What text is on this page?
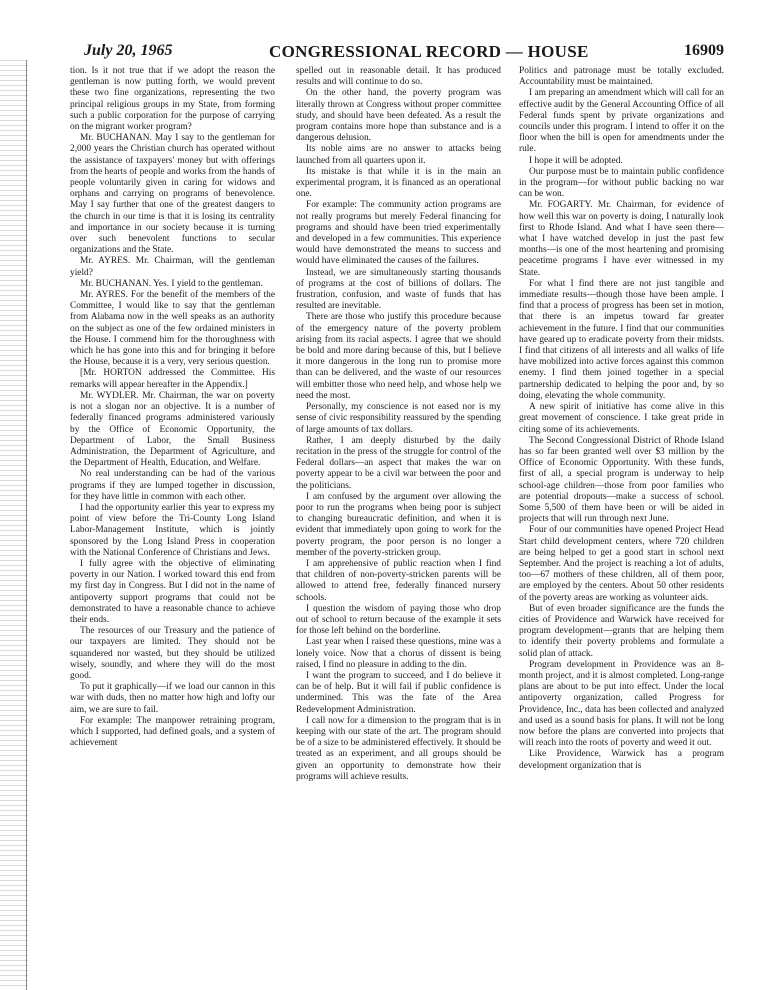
July 20, 1965	CONGRESSIONAL RECORD — HOUSE	16909

tion. Is it not true that if we adopt the reason the gentleman is now putting forth, we would prevent these two fine organizations, representing the two principal religious groups in my State, from forming such a public corporation for the purpose of carrying on the migrant worker program?

Mr. BUCHANAN. May I say to the gentleman for 2,000 years the Christian church has operated without the assistance of taxpayers' money but with offerings from the hearts of people and works from the hands of people voluntarily given in caring for widows and orphans and carrying on programs of benevolence. May I say further that one of the greatest dangers to the church in our time is that it is losing its centrality and importance in our society because it is turning over such benevolent functions to secular organizations and the State.

Mr. AYRES. Mr. Chairman, will the gentleman yield?

Mr. BUCHANAN. Yes. I yield to the gentleman.

Mr. AYRES. For the benefit of the members of the Committee, I would like to say that the gentleman from Alabama now in the well speaks as an authority on the subject as one of the few ordained ministers in the House. I commend him for the thoroughness with which he has gone into this and for bringing it before the House, because it is a very, very serious question.

[Mr. HORTON addressed the Committee. His remarks will appear hereafter in the Appendix.]

Mr. WYDLER. Mr. Chairman, the war on poverty is not a slogan nor an objective. It is a number of federally financed programs administered variously by the Office of Economic Opportunity, the Department of Labor, the Small Business Administration, the Department of Agriculture, and the Department of Health, Education, and Welfare.

No real understanding can be had of the various programs if they are lumped together in discussion, for they have little in common with each other.

I had the opportunity earlier this year to express my point of view before the Tri-County Long Island Labor-Management Institute, which is jointly sponsored by the Long Island Press in cooperation with the National Conference of Christians and Jews.

I fully agree with the objective of eliminating poverty in our Nation. I worked toward this end from my first day in Congress. But I did not in the name of antipoverty support programs that could not be demonstrated to have a reasonable chance to achieve their ends.

The resources of our Treasury and the patience of our taxpayers are limited. They should not be squandered nor wasted, but they should be utilized wisely, soundly, and where they will do the most good.

To put it graphically—if we load our cannon in this war with duds, then no matter how high and lofty our aim, we are sure to fail.

For example: The manpower retraining program, which I supported, had defined goals, and a system of achievement

spelled out in reasonable detail. It has produced results and will continue to do so.

On the other hand, the poverty program was literally thrown at Congress without proper committee study, and should have been defeated. As a result the program contains more hope than substance and is a dangerous delusion.

Its noble aims are no answer to attacks being launched from all quarters upon it.

Its mistake is that while it is in the main an experimental program, it is financed as an operational one.

For example: The community action programs are not really programs but merely Federal financing for programs and should have been tried experimentally and developed in a few communities. This experience would have demonstrated the means to success and would have eliminated the causes of the failures.

Instead, we are simultaneously starting thousands of programs at the cost of billions of dollars. The frustration, confusion, and waste of funds that has resulted are inevitable.

There are those who justify this procedure because of the emergency nature of the poverty problem arising from its racial aspects. I agree that we should be bold and more daring because of this, but I believe it more dangerous in the long run to promise more than can be delivered, and the waste of our resources will embitter those who need help, and whose help we need the most.

Personally, my conscience is not eased nor is my sense of civic responsibility reassured by the spending of large amounts of tax dollars.

Rather, I am deeply disturbed by the daily recitation in the press of the struggle for control of the Federal dollars—an aspect that makes the war on poverty appear to be a civil war between the poor and the politicians.

I am confused by the argument over allowing the poor to run the programs when being poor is subject to changing bureaucratic definition, and when it is evident that immediately upon going to work for the poverty program, the poor person is no longer a member of the poverty-stricken group.

I am apprehensive of public reaction when I find that children of non-poverty-stricken parents will be allowed to attend free, federally financed nursery schools.

I question the wisdom of paying those who drop out of school to return because of the example it sets for those left behind on the borderline.

Last year when I raised these questions, mine was a lonely voice. Now that a chorus of dissent is being raised, I find no pleasure in adding to the din.

I want the program to succeed, and I do believe it can be of help. But it will fail if public confidence is undermined. This was the fate of the Area Redevelopment Administration.

I call now for a dimension to the program that is in keeping with our state of the art. The program should be of a size to be administered effectively. It should be treated as an experiment, and all groups should be given an opportunity to demonstrate how their programs will achieve results.

Politics and patronage must be totally excluded. Accountability must be maintained.

I am preparing an amendment which will call for an effective audit by the General Accounting Office of all Federal funds spent by private organizations and councils under this program. I intend to offer it on the floor when the bill is open for amendments under the rule.

I hope it will be adopted.

Our purpose must be to maintain public confidence in the program—for without public backing no war can be won.

Mr. FOGARTY. Mr. Chairman, for evidence of how well this war on poverty is doing, I naturally look first to Rhode Island. And what I have seen there—what I have watched develop in just the past few months—is one of the most heartening and promising peacetime programs I have ever witnessed in my State.

For what I find there are not just tangible and immediate results—though those have been ample. I find that a process of progress has been set in motion, that there is an impetus toward far greater achievement in the future. I find that our communities have geared up to eradicate poverty from their midsts. I find that citizens of all interests and all walks of life have mobilized into active forces against this common enemy. I find them joined together in a special partnership dedicated to helping the poor and, by so doing, elevating the whole community.

A new spirit of initiative has come alive in this great movement of conscience. I take great pride in citing some of its achievements.

The Second Congressional District of Rhode Island has so far been granted well over $3 million by the Office of Economic Opportunity. With these funds, first of all, a special program is underway to help school-age children—those from poor families who are potential dropouts—make a success of school. Some 5,500 of them have been or will be aided in projects that will run through next June.

Four of our communities have opened Project Head Start child development centers, where 720 children are being helped to get a good start in school next September. And the project is reaching a lot of adults, too—67 mothers of these children, all of them poor, are employed by the centers. About 50 other residents of the poverty areas are working as volunteer aids.

But of even broader significance are the funds the cities of Providence and Warwick have received for program development—grants that are helping them to identify their poverty problems and formulate a solid plan of attack.

Program development in Providence was an 8-month project, and it is almost completed. Long-range plans are about to be put into effect. Under the local antipoverty organization, called Progress for Providence, Inc., data has been collected and analyzed and used as a sound basis for plans. It will not be long now before the plans are converted into projects that will reach into the roots of poverty and weed it out.

Like Providence, Warwick has a program development organization that is
